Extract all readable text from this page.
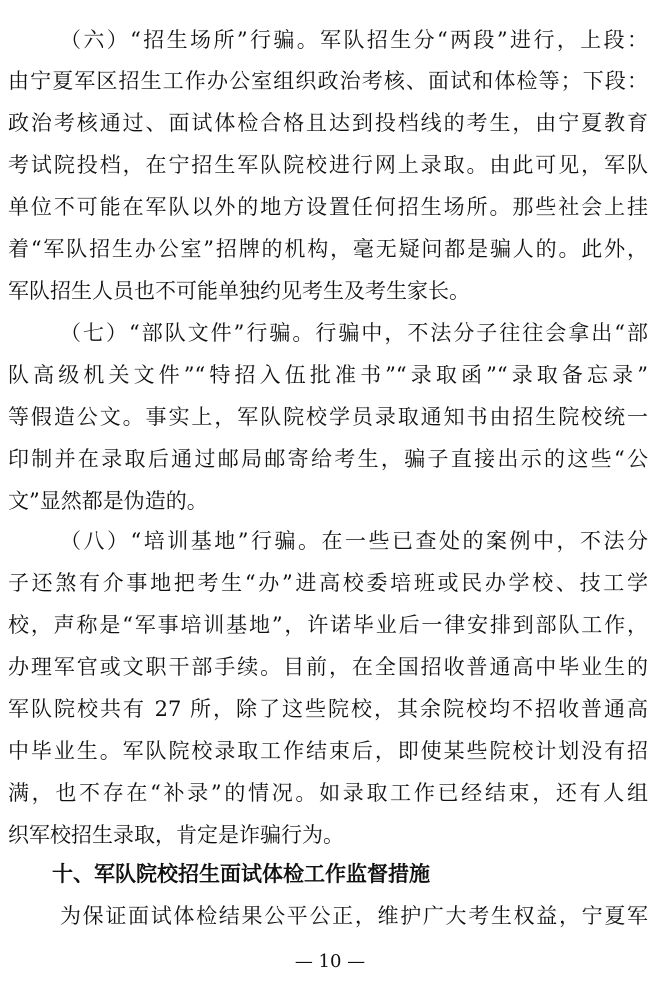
（六）“招生场所”行骗。军队招生分“两段”进行，上段：
由宁夏军区招生工作办公室组织政治考核、面试和体检等；下段：
政治考核通过、面试体检合格且达到投档线的考生，由宁夏教育
考试院投档，在宁招生军队院校进行网上录取。由此可见，军队
单位不可能在军队以外的地方设置任何招生场所。那些社会上挂
着“军队招生办公室”招牌的机构，毫无疑问都是骗人的。此外，
军队招生人员也不可能单独约见考生及考生家长。
（七）“部队文件”行骗。行骗中，不法分子往往会拿出“部
队高级机关文件”“特招入伍批准书”“录取函”“录取备忘录”
等假造公文。事实上，军队院校学员录取通知书由招生院校统一
印制并在录取后通过邮局邮寄给考生，骗子直接出示的这些“公
文”显然都是伪造的。
（八）“培训基地”行骗。在一些已查处的案例中，不法分
子还煞有介事地把考生“办”进高校委培班或民办学校、技工学
校，声称是“军事培训基地”，许诺毕业后一律安排到部队工作，
办理军官或文职干部手续。目前，在全国招收普通高中毕业生的
军队院校共有 27 所，除了这些院校，其余院校均不招收普通高
中毕业生。军队院校录取工作结束后，即使某些院校计划没有招
满，也不存在“补录”的情况。如录取工作已经结束，还有人组
织军校招生录取，肯定是诈骗行为。
十、军队院校招生面试体检工作监督措施
为保证面试体检结果公平公正，维护广大考生权益，宁夏军
— 10 —
